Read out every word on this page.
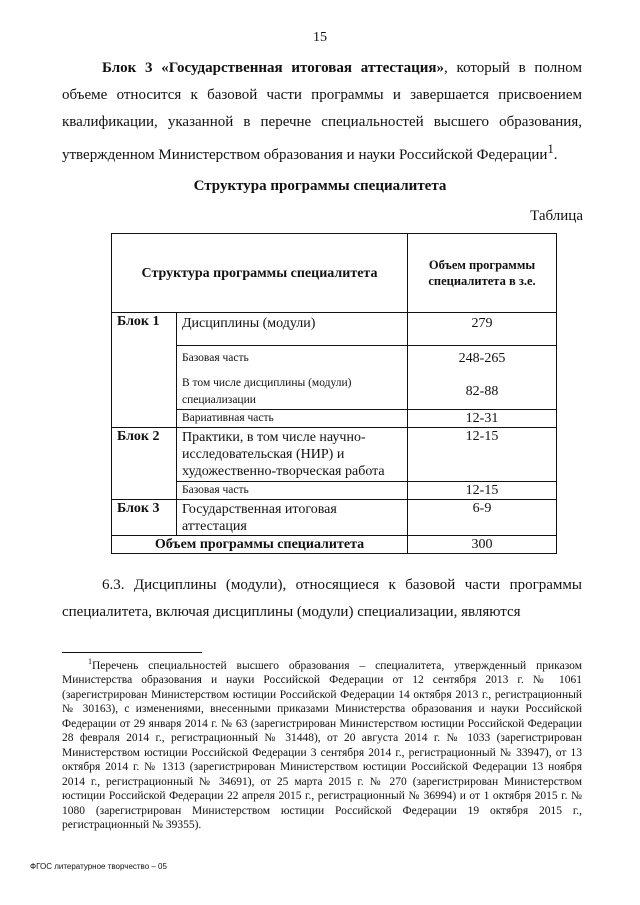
15

Блок 3 «Государственная итоговая аттестация», который в полном объеме относится к базовой части программы и завершается присвоением квалификации, указанной в перечне специальностей высшего образования, утвержденном Министерством образования и науки Российской Федерации$^1$.

Структура программы специалитета
Таблица
Структура программы специалитета		Объем программы специалитета в з.е.
Блок 1	Дисциплины (модули)	279
	Базовая часть	248-265
	В том числе дисциплины (модули) специализации	82-88
	Вариативная часть	12-31
Блок 2	Практики, в том числе научно-исследовательская (НИР) и художественно-творческая работа	12-15
	Базовая часть	12-15
Блок 3	Государственная итоговая аттестация	6-9
Объем программы специалитета		300

6.3. Дисциплины (модули), относящиеся к базовой части программы специалитета, включая дисциплины (модули) специализации, являются

$^1$Перечень специальностей высшего образования – специалитета, утвержденный приказом Министерства образования и науки Российской Федерации от 12 сентября 2013 г. № 1061 (зарегистрирован Министерством юстиции Российской Федерации 14 октября 2013 г., регистрационный № 30163), с изменениями, внесенными приказами Министерства образования и науки Российской Федерации от 29 января 2014 г. № 63 (зарегистрирован Министерством юстиции Российской Федерации 28 февраля 2014 г., регистрационный № 31448), от 20 августа 2014 г. № 1033 (зарегистрирован Министерством юстиции Российской Федерации 3 сентября 2014 г., регистрационный № 33947), от 13 октября 2014 г. № 1313 (зарегистрирован Министерством юстиции Российской Федерации 13 ноября 2014 г., регистрационный № 34691), от 25 марта 2015 г. № 270 (зарегистрирован Министерством юстиции Российской Федерации 22 апреля 2015 г., регистрационный № 36994) и от 1 октября 2015 г. № 1080 (зарегистрирован Министерством юстиции Российской Федерации 19 октября 2015 г., регистрационный № 39355).

ФГОС литературное творчество – 05
